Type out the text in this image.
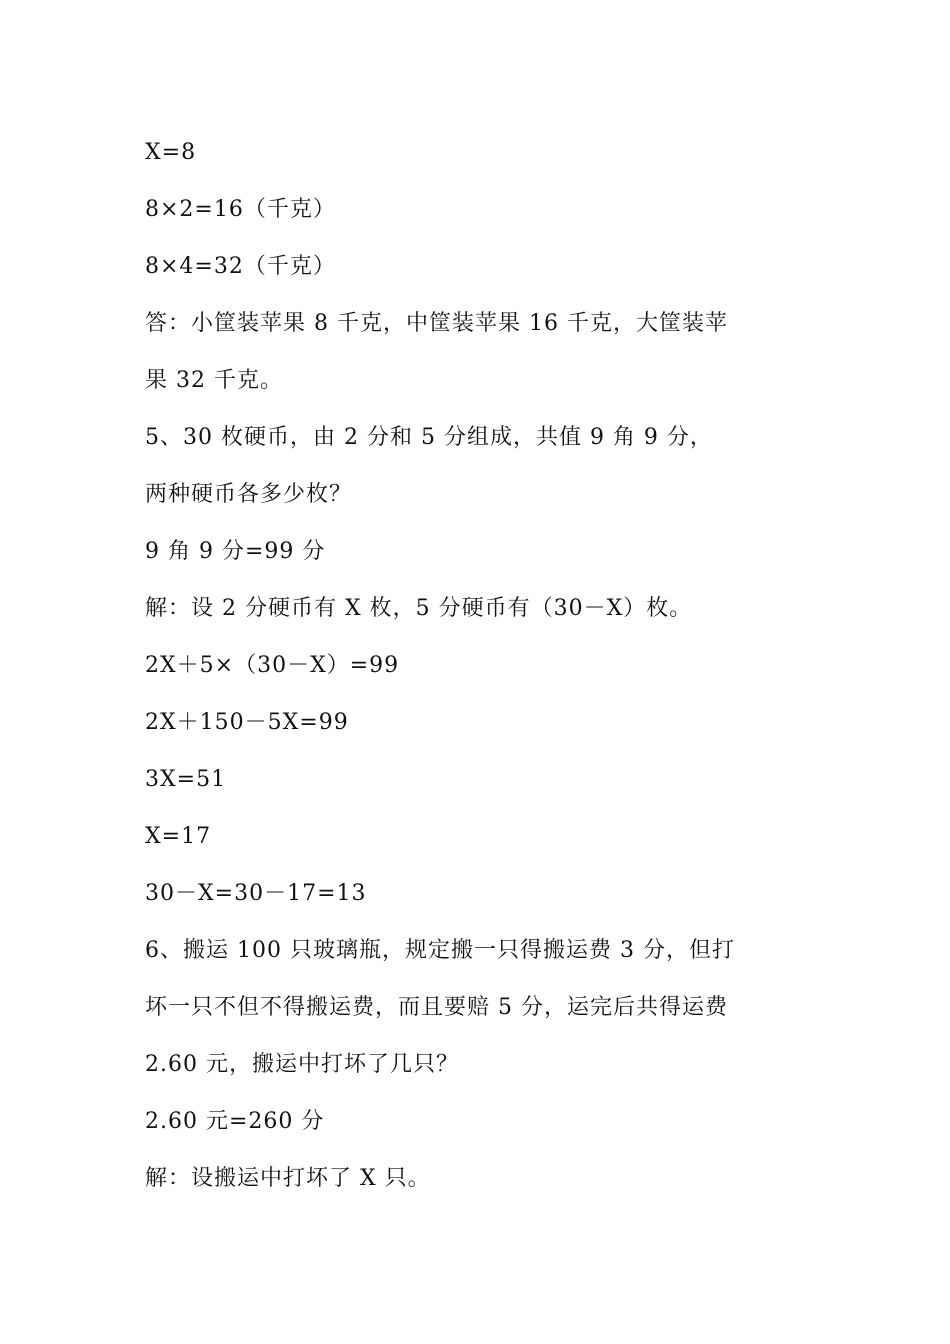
X=8
8×2=16（千克）
8×4=32（千克）
答：小筐装苹果 8 千克，中筐装苹果 16 千克，大筐装苹
果 32 千克。
5、30 枚硬币，由 2 分和 5 分组成，共值 9 角 9 分，
两种硬币各多少枚？
9 角 9 分=99 分
解：设 2 分硬币有 X 枚，5 分硬币有（30－X）枚。
2X＋5×（30－X）=99
2X＋150－5X=99
3X=51
X=17
30－X=30－17=13
6、搬运 100 只玻璃瓶，规定搬一只得搬运费 3 分，但打
坏一只不但不得搬运费，而且要赔 5 分，运完后共得运费
2.60 元，搬运中打坏了几只？
2.60 元=260 分
解：设搬运中打坏了 X 只。
